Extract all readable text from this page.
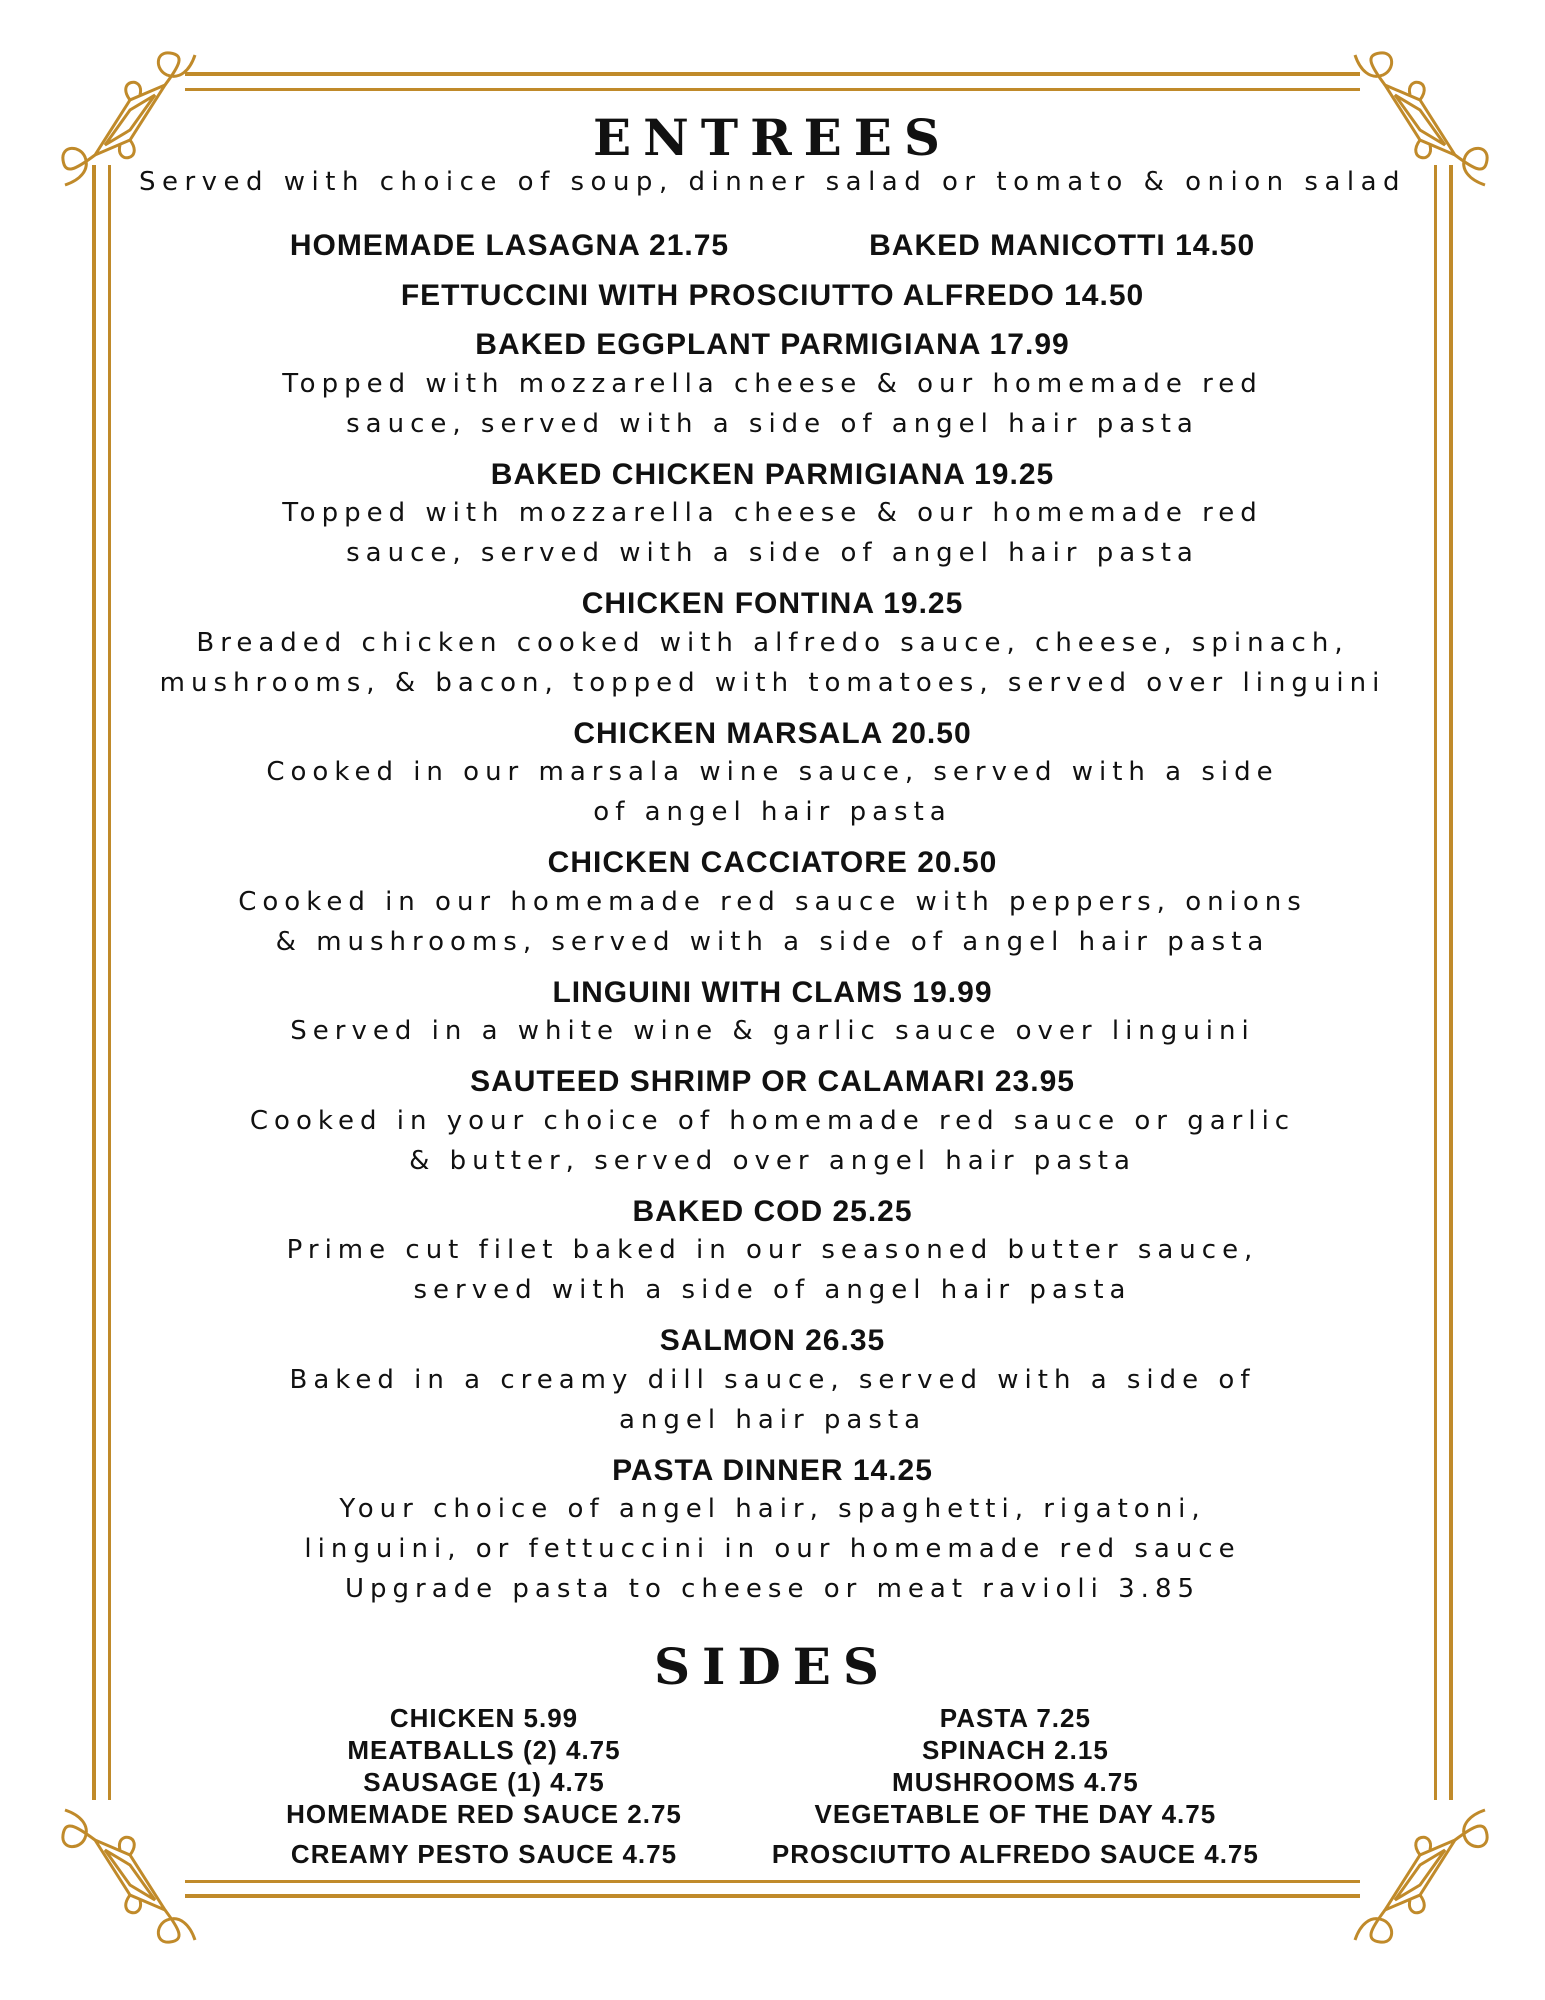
ENTREES
Served with choice of soup, dinner salad or tomato & onion salad
HOMEMADE LASAGNA 21.75	BAKED MANICOTTI 14.50
FETTUCCINI WITH PROSCIUTTO ALFREDO 14.50
BAKED EGGPLANT PARMIGIANA 17.99
Topped with mozzarella cheese & our homemade red
sauce, served with a side of angel hair pasta
BAKED CHICKEN PARMIGIANA 19.25
Topped with mozzarella cheese & our homemade red
sauce, served with a side of angel hair pasta
CHICKEN FONTINA 19.25
Breaded chicken cooked with alfredo sauce, cheese, spinach,
mushrooms, & bacon, topped with tomatoes, served over linguini
CHICKEN MARSALA 20.50
Cooked in our marsala wine sauce, served with a side
of angel hair pasta
CHICKEN CACCIATORE 20.50
Cooked in our homemade red sauce with peppers, onions
& mushrooms, served with a side of angel hair pasta
LINGUINI WITH CLAMS 19.99
Served in a white wine & garlic sauce over linguini
SAUTEED SHRIMP OR CALAMARI 23.95
Cooked in your choice of homemade red sauce or garlic
& butter, served over angel hair pasta
BAKED COD 25.25
Prime cut filet baked in our seasoned butter sauce,
served with a side of angel hair pasta
SALMON 26.35
Baked in a creamy dill sauce, served with a side of
angel hair pasta
PASTA DINNER 14.25
Your choice of angel hair, spaghetti, rigatoni,
linguini, or fettuccini in our homemade red sauce
Upgrade pasta to cheese or meat ravioli 3.85
SIDES
CHICKEN 5.99
MEATBALLS (2) 4.75
SAUSAGE (1) 4.75
HOMEMADE RED SAUCE 2.75
CREAMY PESTO SAUCE 4.75
PASTA 7.25
SPINACH 2.15
MUSHROOMS 4.75
VEGETABLE OF THE DAY 4.75
PROSCIUTTO ALFREDO SAUCE 4.75
